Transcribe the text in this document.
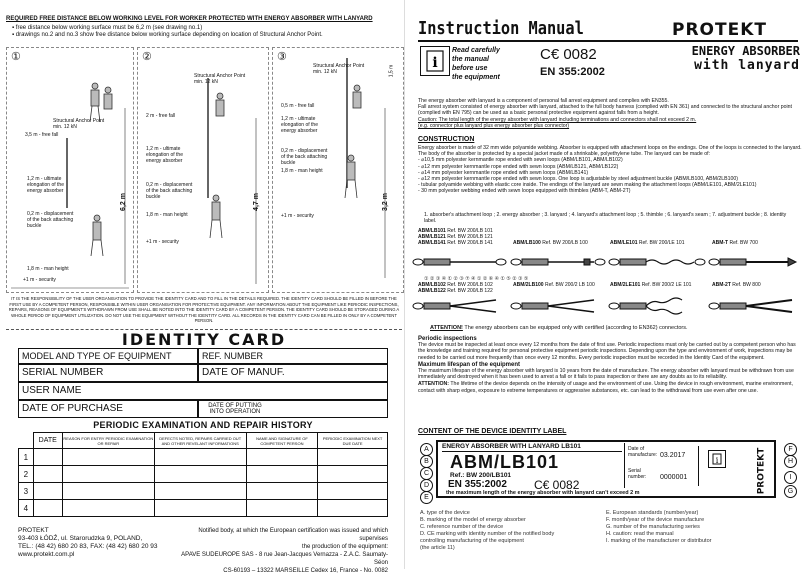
REQUIRED FREE DISTANCE BELOW WORKING LEVEL FOR WORKER PROTECTED WITH ENERGY ABSORBER WITH LANYARD
▪ free distance below working surface must be 6,2 m (see drawing no.1)
▪ drawings no.2 and no.3 show free distance below working surface depending on location of Structural Anchor Point.
①
Structural Anchor Point min. 12 kN
3,5 m - free fall
1,2 m - ultimate elongation of the energy absorber
0,2 m - displacement of the back attaching buckle
1,8 m - man height
+1 m - security
6,2 m
②
Structural Anchor Point min. 12 kN
2 m - free fall
1,2 m - ultimate elongation of the energy absorber
0,2 m - displacement of the back attaching buckle
1,8 m - man height
+1 m - security
4,7 m
③
Structural Anchor Point min. 12 kN	1,5 m
0,5 m - free fall
1,2 m - ultimate elongation of the energy absorber
0,2 m - displacement of the back attaching buckle
1,8 m - man height
+1 m - security
3,2 m
IT IS THE RESPONSIBILITY OF THE USER ORGANISATION TO PROVIDE THE IDENTITY CARD AND TO FILL IN THE DETAILS REQUIRED. THE IDENTITY CARD SHOULD BE FILLED IN BEFORE THE FIRST USE BY A COMPETENT PERSON, RESPONSIBLE WITHIN USER ORGANISATION FOR PROTECTIVE EQUIPMENT. ANY INFORMATION ABOUT THE EQUIPMENT LIKE PERIODIC INSPECTIONS, REPAIRS, REASONS OF EQUIPMENT'S WITHDRAWN FROM USE SHALL BE NOTED INTO THE IDENTITY CARD BY A COMPETENT PERSON. THE IDENTITY CARD SHOULD BE STORAGED DURING A WHOLE PERIOD OF EQUIPMENT UTILIZATION. DO NOT USE THE EQUIPMENT WITHOUT THE IDENTITY CARD. ALL RECORDS IN THE IDENTITY CARD CAN BE FILLED IN ONLY BY A COMPETENT PERSON.
IDENTITY CARD
MODEL AND TYPE OF EQUIPMENT	REF. NUMBER
SERIAL NUMBER	DATE OF MANUF.
USER NAME
DATE OF PURCHASE	DATE OF PUTTING INTO OPERATION
PERIODIC EXAMINATION AND REPAIR HISTORY
	DATE	REASON FOR ENTRY PERIODIC EXAMINATION OR REPAIR	DEFECTS NOTED, REPAIRS CARRIED OUT AND OTHER REVELANT INFORMATIONS	NAME AND SIGNATURE OF COMPETENT PERSON	PERIODIC EXAMINATION NEXT DUE DATE
1					
2					
3					
4					
PROTEKT
93-403 ŁÓDŹ, ul. Starorudzka 9, POLAND,
TEL.: (48 42) 680 20 83, FAX: (48 42) 680 20 93
www.protekt.com.pl
Notified body, at which the European certification was issued and which supervises
the production of the equipment:
APAVE SUDEUROPE SAS - 8 rue Jean-Jacques Vernazza - Z.A.C. Saumaty-Séon
CS-60193 – 13322 MARSEILLE Cedex 16, France - No. 0082
Instruction Manual
i
Read carefully
the manual
before use
the equipment
C€ 0082
EN 355:2002
PROTEKT
ENERGY ABSORBER
with lanyard
The energy absorber with lanyard is a component of personal fall arrest equipment and complies with EN355.
Fall arrest system consisted of energy absorber with lanyard, attached to the full body harness (complied with EN 361) and connected to the structural anchor point (complied with EN 795) can be used as a basic personal protective equipment against falls from a height.
Caution: The total length of the energy absorber with lanyard including terminations and connectors shall not exceed 2 m.
(e.g. connector plus lanyard plus energy absorber plus connector)
CONSTRUCTION
Energy absorber is made of 32 mm wide polyamide webbing. Absorber is equipped with attachment loops on the endings. One of the loops is connected to the lanyard. The body of the absorber is protected by a special jacket made of a shrinkable, polyethylene tube. The lanyard can be made of:
- ⌀10,5 mm polyester kernmantle rope ended with sewn loops (ABM/LB101, ABM/LB102)
- ⌀12 mm polyester kernmantle rope ended with sewn loops (ABM/LB121, ABM/LB122)
- ⌀14 mm polyester kernmantle rope ended with sewn loops (ABM/LB141)
- ⌀12 mm polyester kernmantle rope ended with sewn loops. One loop is adjustable by steel adjustment buckle (ABM/LB100, ABM/2LB100)
- tubular polyamide webbing with elastic core inside. The endings of the lanyard are sewn making the attachment loops (ABM/LE101, ABM/2LE101)
- 30 mm polyester webbing ended with sewn loops equipped with thimbles (ABM-T, ABM-2T)
1. absorber's attachment loop ; 2. energy absorber ; 3. lanyard ; 4. lanyard's attachment loop ; 5. thimble ; 6. lanyard's seam ; 7. adjustment buckle ; 8. identity label.
ABM/LB101 Ref. BW 200/LB 101
ABM/LB121 Ref. BW 200/LB 121
ABM/LB141 Ref. BW 200/LB 141	ABM/LB100 Ref. BW 200/LB 100	ABM/LE101 Ref. BW 200/LE 101	ABM-T Ref. BW 700
① ② ③ ④ ① ② ③ ⑦ ④ ① ② ⑥ ④ ① ⑤ ② ③ ⑤
ABM/LB102 Ref. BW 200/LB 102
ABM/LB122 Ref. BW 200/LB 122
ABM/2LB100 Ref. BW 200/2 LB 100	ABM/2LE101 Ref. BW 200/2 LE 101	ABM-2T Ref. BW 800
ATTENTION! The energy absorbers can be equipped only with certified (according to EN362) connectors.
Periodic inspections
The device must be inspected at least once every 12 months from the date of first use. Periodic inspections must only be carried out by a competent person who has the knowledge and training required for personal protective equipment periodic inspections. Depending upon the type and environment of work, inspections may be needed to be carried out more frequently than once every 12 months. Every periodic inspection must be recorded in the Identity Card of the equipment.
Maximum lifespan of the equipment
The maximum lifespan of the energy absorber with lanyard is 10 years from the date of manufacture. The energy absorber with lanyard must be withdrawn from use immediately and destroyed when it has been used to arrest a fall or it fails to pass inspection or there are any doubts as to its reliability.
ATTENTION: The lifetime of the device depends on the intensity of usage and the environment of use. Using the device in rough environment, marine environment, contact with sharp edges, exposure to extreme temperatures or aggressive substances, etc. can lead to the withdrawal from use even after one use.
CONTENT OF THE DEVICE IDENTITY LABEL
ENERGY ABSORBER WITH LANYARD LB101
ABM/LB101
Ref.: BW 200/LB101
EN 355:2002 C€ 0082
the maximum length of the energy absorber with lanyard can't exceed 2 m
Date of manufacture: 03.2017
Serial number:	0000001
i	PROTEKT
A
B
C
D
E
F
H
I
G
A. type of the device
B. marking of the model of energy absorber
C. reference number of the device
D. CE marking with identity number of the notified body
controlling manufacturing of the equipment
(the article 11)
E. European standards (number/year)
F. month/year of the device manufacture
G. number of the manufacturing series
H. caution: read the manual
I. marking of the manufacturer or distributor
